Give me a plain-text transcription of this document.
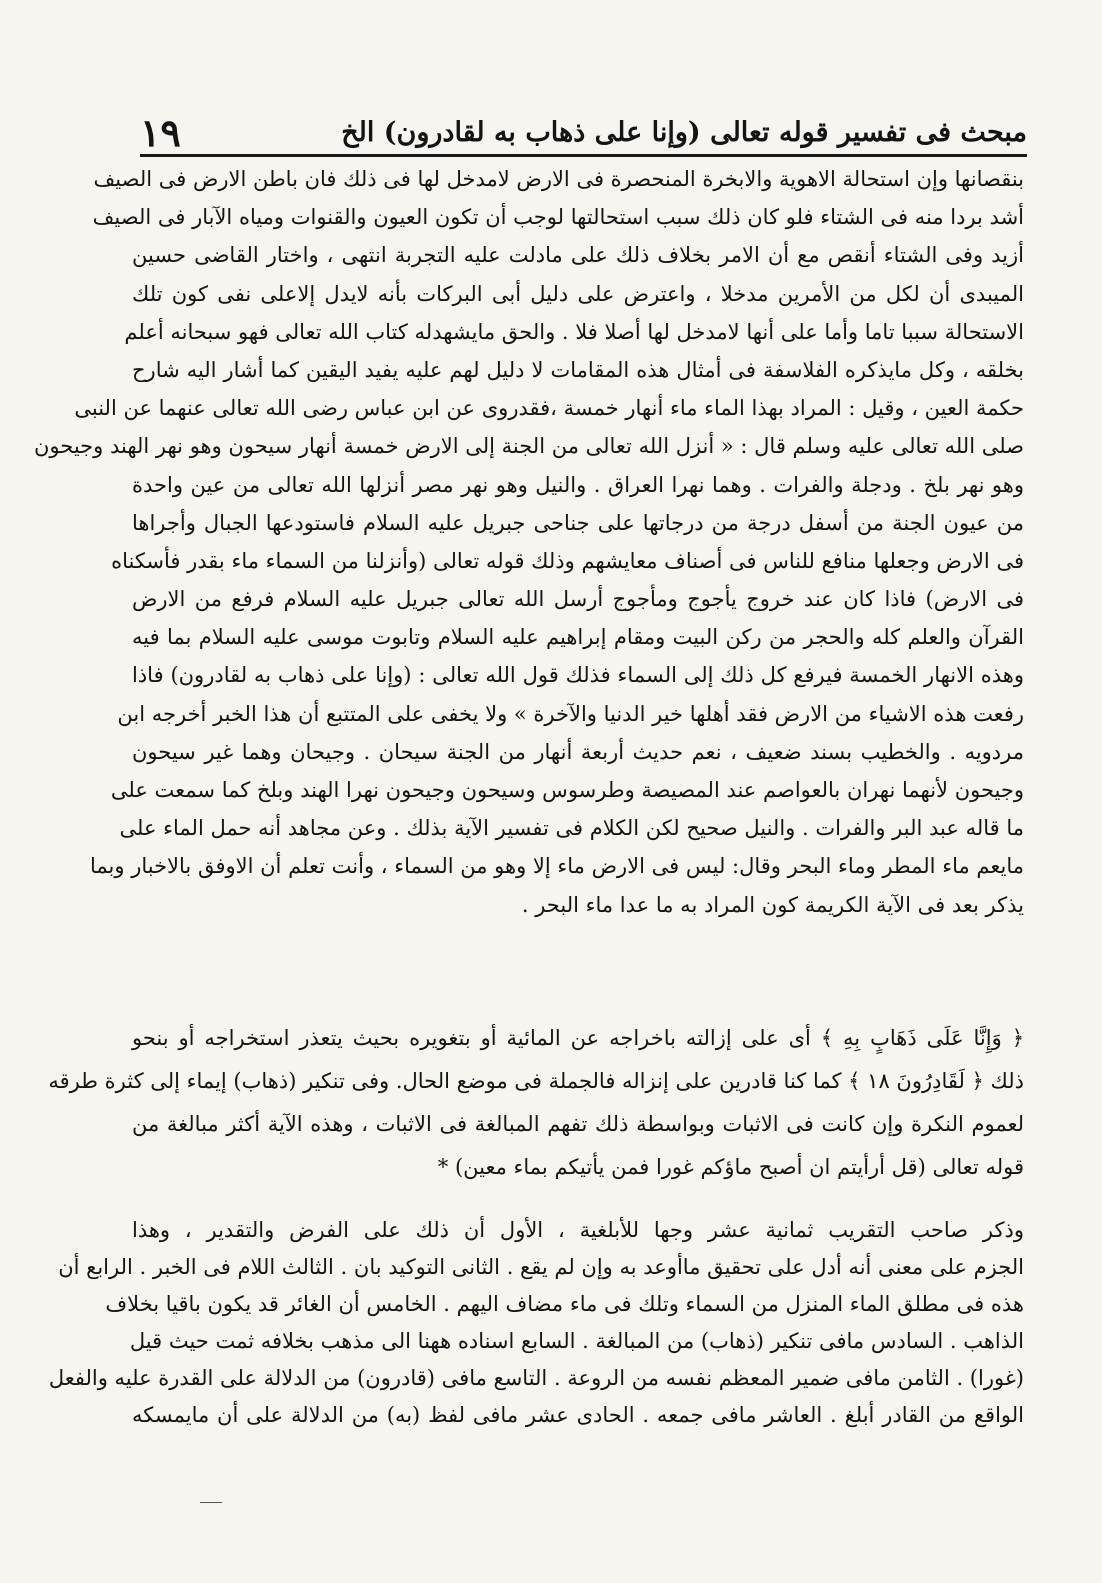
مبحث فى تفسير قوله تعالى (وإنا على ذهاب به لقادرون) الخ
١٩
بنقصانها وإن استحالة الاهوية والابخرة المنحصرة فى الارض لامدخل لها فى ذلك فان باطن الارض فى الصيف
أشد بردا منه فى الشتاء فلو كان ذلك سبب استحالتها لوجب أن تكون العيون والقنوات ومياه الآبار فى الصيف
أزيد وفى الشتاء أنقص مع أن الامر بخلاف ذلك على مادلت عليه التجربة انتهى ، واختار القاضى حسين
الميبدى أن لكل من الأمرين مدخلا ، واعترض على دليل أبى البركات بأنه لايدل إلاعلى نفى كون تلك
الاستحالة سببا تاما وأما على أنها لامدخل لها أصلا فلا . والحق مايشهدله كتاب الله تعالى فهو سبحانه أعلم
بخلقه ، وكل مايذكره الفلاسفة فى أمثال هذه المقامات لا دليل لهم عليه يفيد اليقين كما أشار اليه شارح
حكمة العين ، وقيل : المراد بهذا الماء ماء أنهار خمسة ،فقدروى عن ابن عباس رضى الله تعالى عنهما عن النبى
صلى الله تعالى عليه وسلم قال : « أنزل الله تعالى من الجنة إلى الارض خمسة أنهار سيحون وهو نهر الهند وجيحون
وهو نهر بلخ . ودجلة والفرات . وهما نهرا العراق . والنيل وهو نهر مصر أنزلها الله تعالى من عين واحدة
من عيون الجنة من أسفل درجة من درجاتها على جناحى جبريل عليه السلام فاستودعها الجبال وأجراها
فى الارض وجعلها منافع للناس فى أصناف معايشهم وذلك قوله تعالى (وأنزلنا من السماء ماء بقدر فأسكناه
فى الارض) فاذا كان عند خروج يأجوج ومأجوج أرسل الله تعالى جبريل عليه السلام فرفع من الارض
القرآن والعلم كله والحجر من ركن البيت ومقام إبراهيم عليه السلام وتابوت موسى عليه السلام بما فيه
وهذه الانهار الخمسة فيرفع كل ذلك إلى السماء فذلك قول الله تعالى : (وإنا على ذهاب به لقادرون) فاذا
رفعت هذه الاشياء من الارض فقد أهلها خير الدنيا والآخرة » ولا يخفى على المتتبع أن هذا الخبر أخرجه ابن
مردويه . والخطيب بسند ضعيف ، نعم حديث أربعة أنهار من الجنة سيحان . وجيحان وهما غير سيحون
وجيحون لأنهما نهران بالعواصم عند المصيصة وطرسوس وسيحون وجيحون نهرا الهند وبلخ كما سمعت على
ما قاله عبد البر والفرات . والنيل صحيح لكن الكلام فى تفسير الآية بذلك . وعن مجاهد أنه حمل الماء على
مايعم ماء المطر وماء البحر وقال: ليس فى الارض ماء إلا وهو من السماء ، وأنت تعلم أن الاوفق بالاخبار وبما
يذكر بعد فى الآية الكريمة كون المراد به ما عدا ماء البحر .
﴿ وَإِنَّا عَلَى ذَهَابٍ بِهِ ﴾ أى على إزالته باخراجه عن المائية أو بتغويره بحيث يتعذر استخراجه أو بنحو
ذلك ﴿ لَقَادِرُونَ ١٨ ﴾ كما كنا قادرين على إنزاله فالجملة فى موضع الحال. وفى تنكير (ذهاب) إيماء إلى كثرة طرقه
لعموم النكرة وإن كانت فى الاثبات وبواسطة ذلك تفهم المبالغة فى الاثبات ، وهذه الآية أكثر مبالغة من
قوله تعالى (قل أرأيتم ان أصبح ماؤكم غورا فمن يأتيكم بماء معين) *
وذكر صاحب التقريب ثمانية عشر وجها للأبلغية ، الأول أن ذلك على الفرض والتقدير ، وهذا
الجزم على معنى أنه أدل على تحقيق ماأوعد به وإن لم يقع . الثانى التوكيد بان . الثالث اللام فى الخبر . الرابع أن
هذه فى مطلق الماء المنزل من السماء وتلك فى ماء مضاف اليهم . الخامس أن الغائر قد يكون باقيا بخلاف
الذاهب . السادس مافى تنكير (ذهاب) من المبالغة . السابع اسناده ههنا الى مذهب بخلافه ثمت حيث قيل
(غورا) . الثامن مافى ضمير المعظم نفسه من الروعة . التاسع مافى (قادرون) من الدلالة على القدرة عليه والفعل
الواقع من القادر أبلغ . العاشر مافى جمعه . الحادى عشر مافى لفظ (به) من الدلالة على أن مايمسكه
